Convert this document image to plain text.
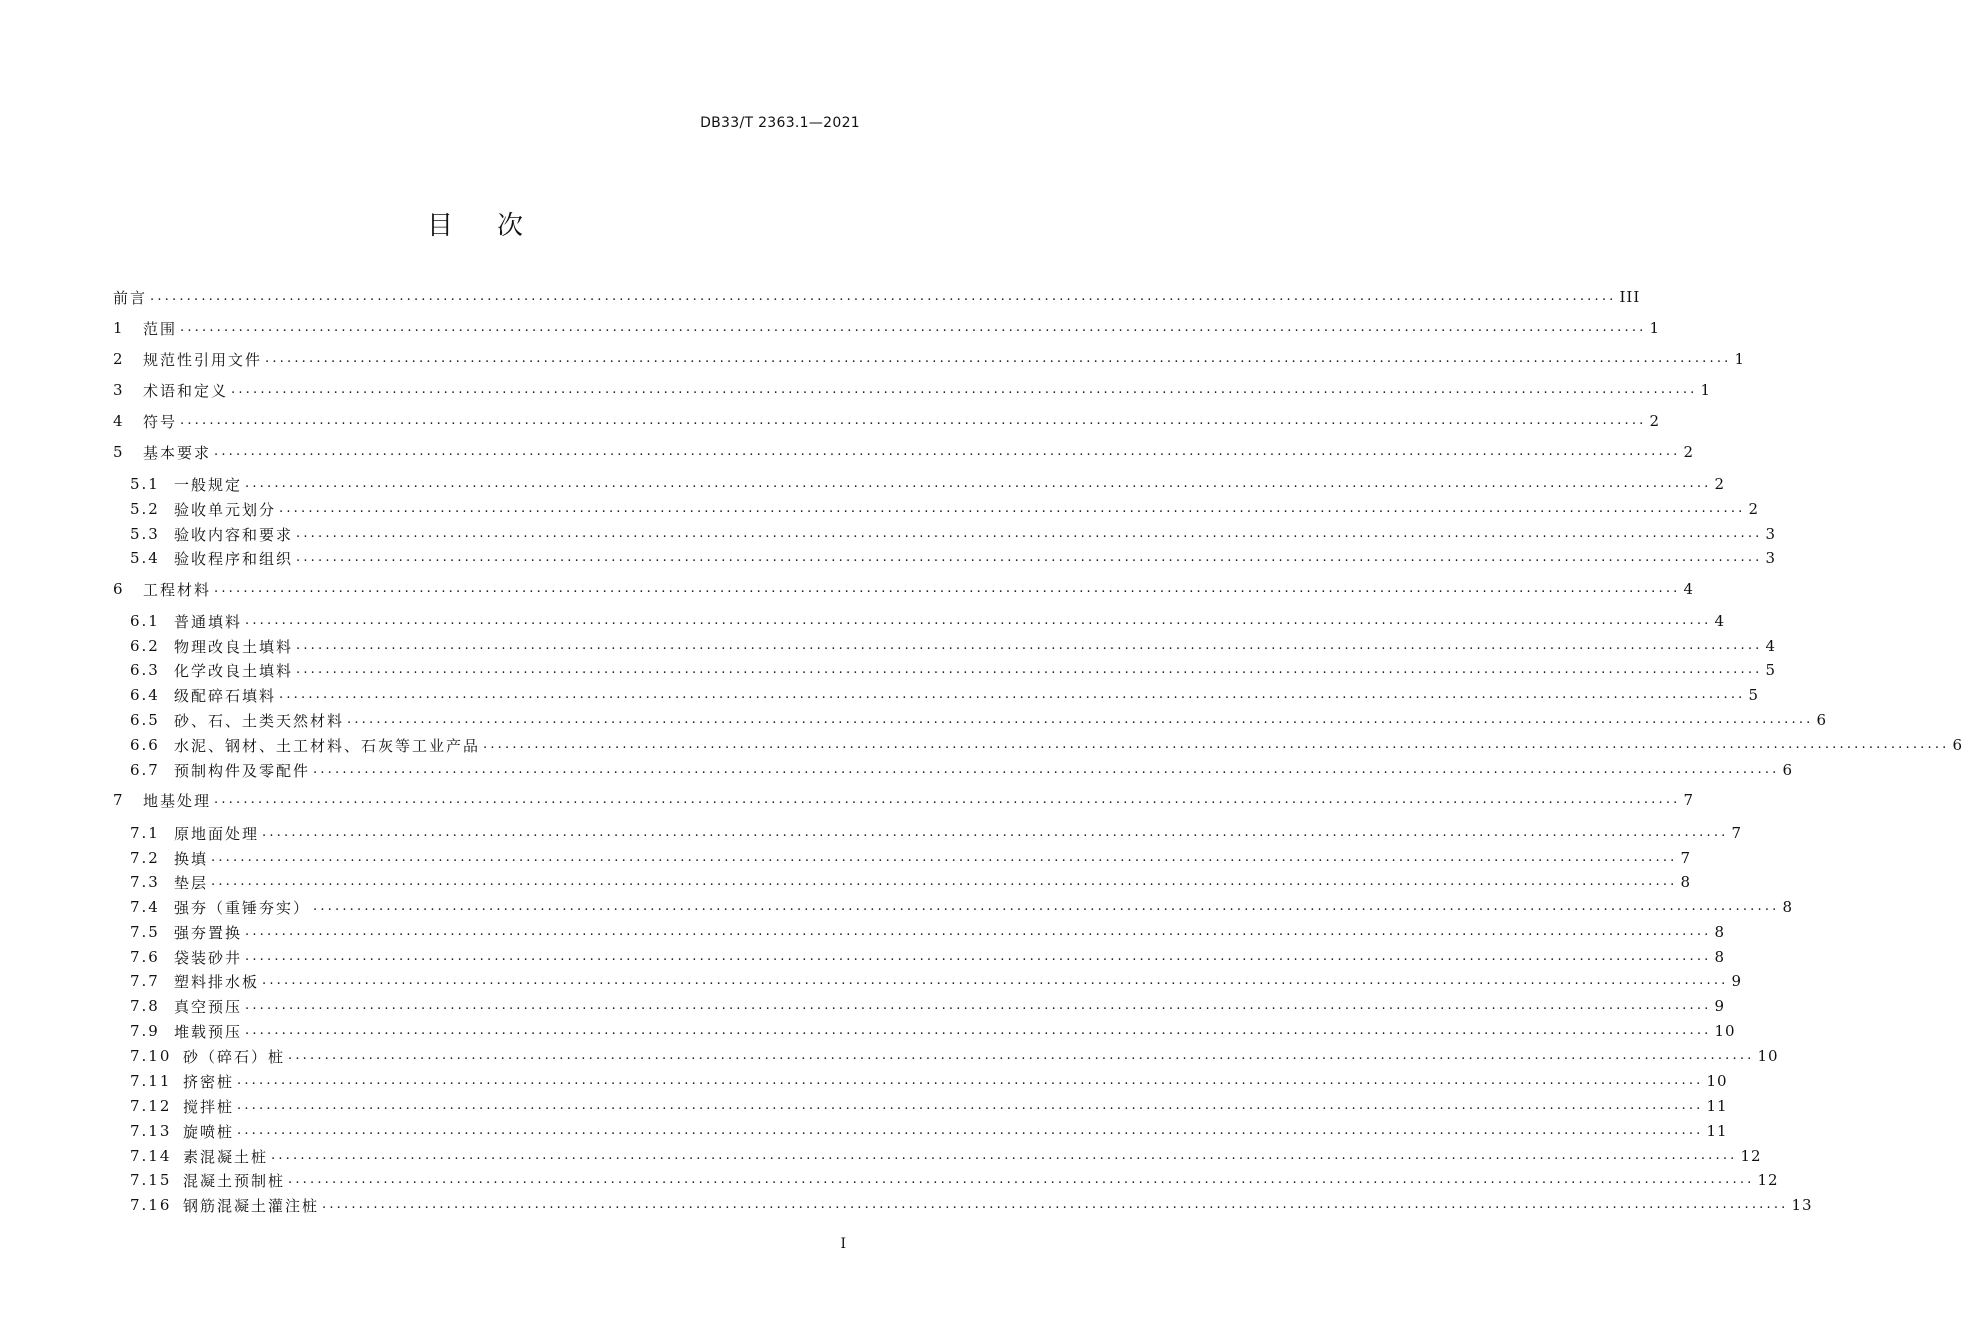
DB33/T 2363.1—2021
目次
前言 ........................................................................................................................................................................................................ III
1	范围 ........................................................................................................................................................................................................ 1
2	规范性引用文件 ........................................................................................................................................................................................................ 1
3	术语和定义 ........................................................................................................................................................................................................ 1
4	符号 ........................................................................................................................................................................................................ 2
5	基本要求 ........................................................................................................................................................................................................ 2
5.1 一般规定 ........................................................................................................................................................................................................ 2
5.2 验收单元划分 ........................................................................................................................................................................................................ 2
5.3 验收内容和要求 ........................................................................................................................................................................................................ 3
5.4 验收程序和组织 ........................................................................................................................................................................................................ 3
6	工程材料 ........................................................................................................................................................................................................ 4
6.1 普通填料 ........................................................................................................................................................................................................ 4
6.2 物理改良土填料 ........................................................................................................................................................................................................ 4
6.3 化学改良土填料 ........................................................................................................................................................................................................ 5
6.4 级配碎石填料 ........................................................................................................................................................................................................ 5
6.5 砂、石、土类天然材料 ........................................................................................................................................................................................................ 6
6.6 水泥、钢材、土工材料、石灰等工业产品 ........................................................................................................................................................................................................ 6
6.7 预制构件及零配件 ........................................................................................................................................................................................................ 6
7	地基处理 ........................................................................................................................................................................................................ 7
7.1 原地面处理 ........................................................................................................................................................................................................ 7
7.2 换填 ........................................................................................................................................................................................................ 7
7.3 垫层 ........................................................................................................................................................................................................ 8
7.4 强夯（重锤夯实） ........................................................................................................................................................................................................ 8
7.5 强夯置换 ........................................................................................................................................................................................................ 8
7.6 袋装砂井 ........................................................................................................................................................................................................ 8
7.7 塑料排水板 ........................................................................................................................................................................................................ 9
7.8 真空预压 ........................................................................................................................................................................................................ 9
7.9 堆载预压 ........................................................................................................................................................................................................ 10
7.10 砂（碎石）桩 ........................................................................................................................................................................................................ 10
7.11 挤密桩 ........................................................................................................................................................................................................ 10
7.12 搅拌桩 ........................................................................................................................................................................................................ 11
7.13 旋喷桩 ........................................................................................................................................................................................................ 11
7.14 素混凝土桩 ........................................................................................................................................................................................................ 12
7.15 混凝土预制桩 ........................................................................................................................................................................................................ 12
7.16 钢筋混凝土灌注桩 ........................................................................................................................................................................................................ 13
I
